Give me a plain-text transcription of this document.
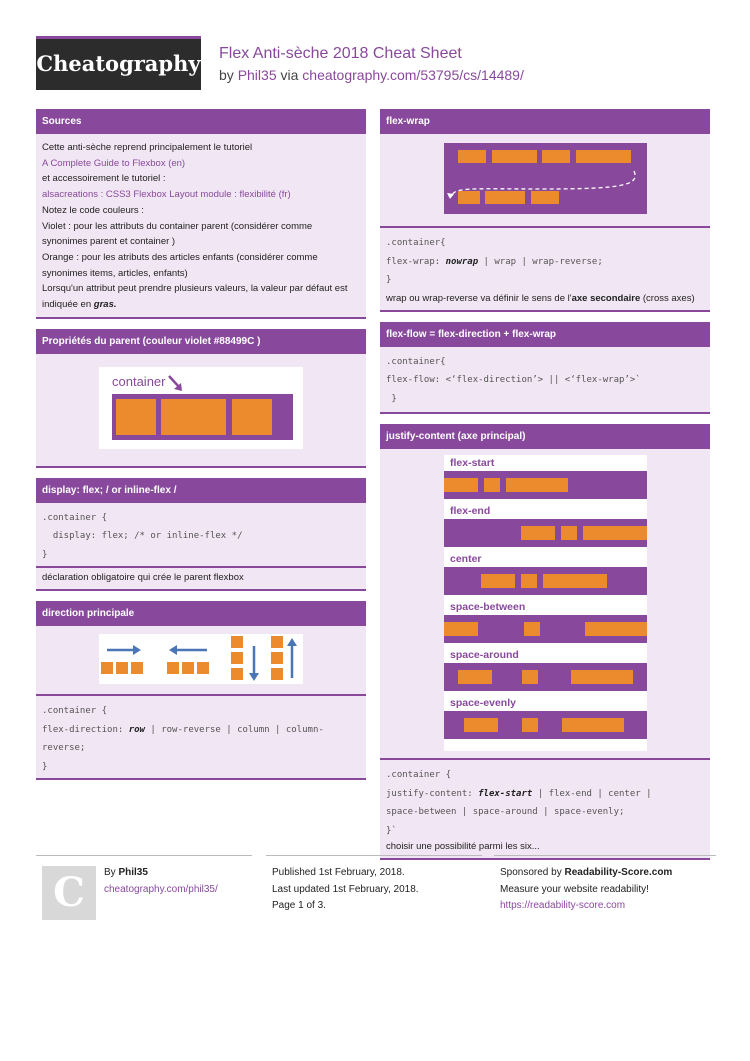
Cheatography Flex Anti-sèche 2018 Cheat Sheet
by Phil35 via cheatography.com/53795/cs/14489/
Sources
Cette anti-sèche reprend principalement le tutoriel
A Complete Guide to Flexbox (en)
et accessoirement le tutoriel :
alsacreations : CSS3 Flexbox Layout module : flexibilité (fr)
Notez le code couleurs :
Violet : pour les attributs du container parent (considérer comme synonimes parent et container )
Orange : pour les atributs des articles enfants (considérer comme synonimes items, articles, enfants)
Lorsqu'un attribut peut prendre plusieurs valeurs, la valeur par défaut est indiquée en gras.
Propriétés du parent (couleur violet #88499C )
container
display: flex; / or inline-flex /
.container {
display: flex; /* or inline-flex */
}
déclaration obligatoire qui crée le parent flexbox
direction principale
.container {
flex-direction: row | row-reverse | column | column-
reverse;
}
flex-wrap
.container{
flex-wrap: nowrap | wrap | wrap-reverse;
}
wrap ou wrap-reverse va définir le sens de l'axe secondaire (cross axes)
flex-flow = flex-direction + flex-wrap
.container{
flex-flow: <‘flex-direction’> || <‘flex-wrap’>`
}
justify-content (axe principal)
flex-start
flex-end
center
space-between
space-around
space-evenly
.container {
justify-content: flex-start | flex-end | center |
space-between | space-around | space-evenly;
}`
choisir une possibilité parmi les six...
C	By Phil35
cheatography.com/phil35/
Published 1st February, 2018.
Last updated 1st February, 2018.
Page 1 of 3.
Sponsored by Readability-Score.com
Measure your website readability!
https://readability-score.com
